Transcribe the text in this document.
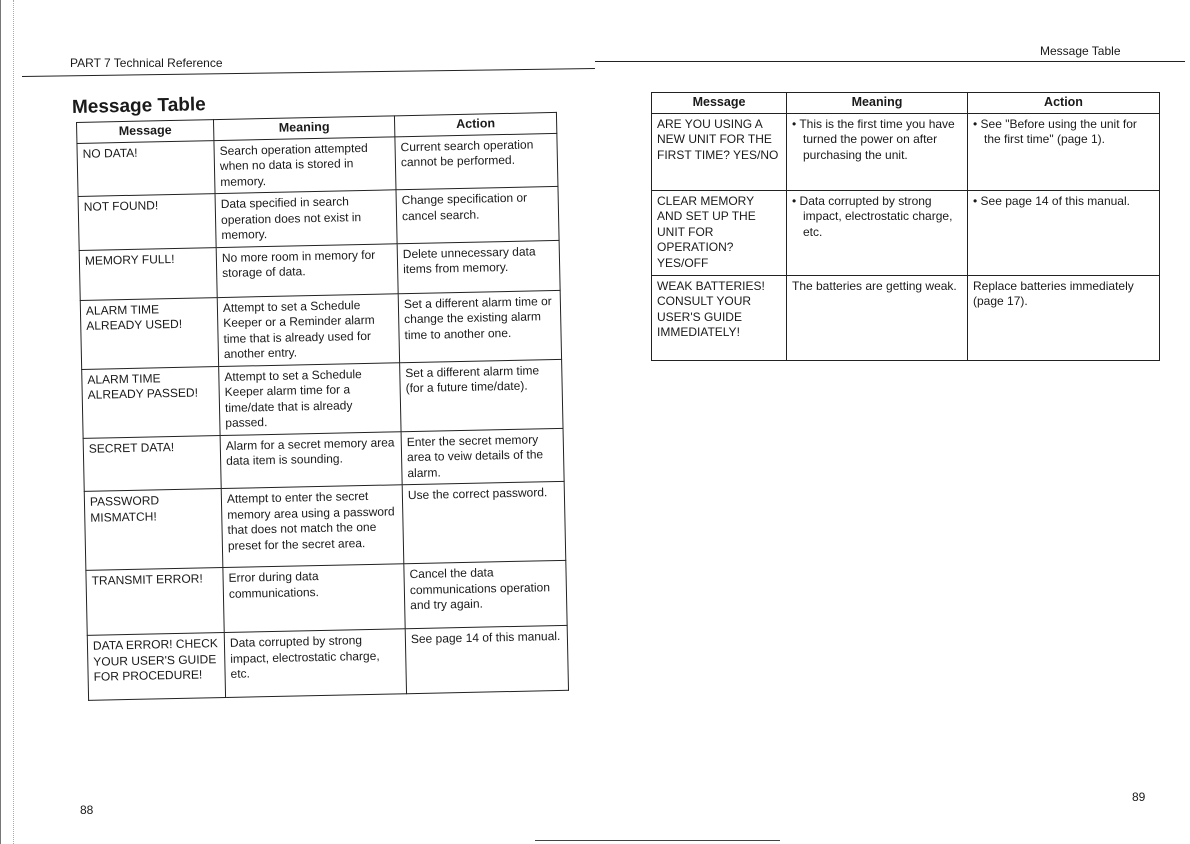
PART 7 Technical Reference
Message Table
Message	Meaning	Action
NO DATA!	Search operation attempted when no data is stored in memory.	Current search operation cannot be performed.
NOT FOUND!	Data specified in search operation does not exist in memory.	Change specification or cancel search.
MEMORY FULL!	No more room in memory for storage of data.	Delete unnecessary data items from memory.
ALARM TIME ALREADY USED!	Attempt to set a Schedule Keeper or a Reminder alarm time that is already used for another entry.	Set a different alarm time or change the existing alarm time to another one.
ALARM TIME ALREADY PASSED!	Attempt to set a Schedule Keeper alarm time for a time/date that is already passed.	Set a different alarm time (for a future time/date).
SECRET DATA!	Alarm for a secret memory area data item is sounding.	Enter the secret memory area to veiw details of the alarm.
PASSWORD MISMATCH!	Attempt to enter the secret memory area using a password that does not match the one preset for the secret area.	Use the correct password.
TRANSMIT ERROR!	Error during data communications.	Cancel the data communications operation and try again.
DATA ERROR! CHECK YOUR USER'S GUIDE FOR PROCEDURE!	Data corrupted by strong impact, electrostatic charge, etc.	See page 14 of this manual.
88
Message Table
Message	Meaning	Action
ARE YOU USING A NEW UNIT FOR THE FIRST TIME? YES/NO	• This is the first time you have turned the power on after purchasing the unit.	• See "Before using the unit for the first time" (page 1).

CLEAR MEMORY AND SET UP THE UNIT FOR OPERATION? YES/OFF	• Data corrupted by strong impact, electrostatic charge, etc.	• See page 14 of this manual.

WEAK BATTERIES! CONSULT YOUR USER'S GUIDE IMMEDIATELY!	The batteries are getting weak.	Replace batteries immediately (page 17).
89
